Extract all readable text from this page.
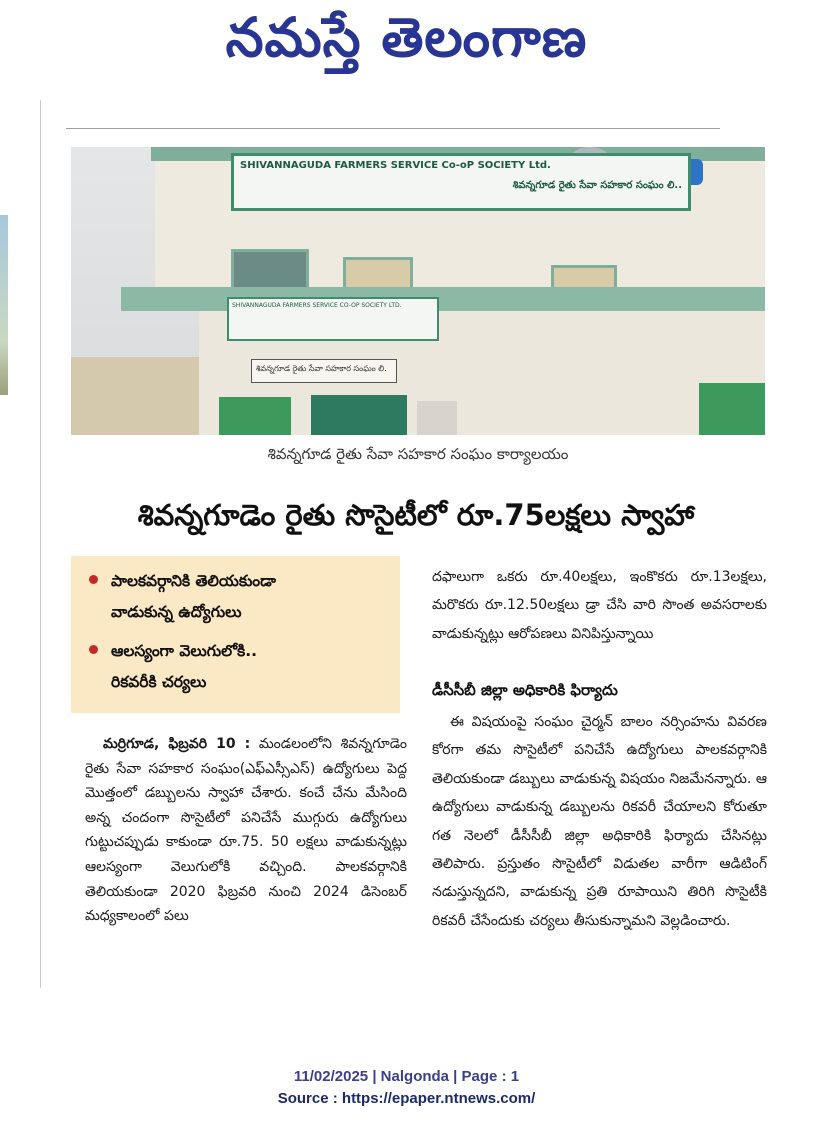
నమస్తే తెలంగాణ
SHIVANNAGUDA FARMERS SERVICE Co-oP SOCIETY Ltd.
శివన్నగూడ రైతు సేవా సహకార సంఘం లి..
SHIVANNAGUDA FARMERS SERVICE CO-OP SOCIETY LTD.
శివన్నగూడ రైతు సేవా సహకార సంఘం లి.
శివన్నగూడ రైతు సేవా సహకార సంఘం కార్యాలయం
శివన్నగూడెం రైతు సొసైటీలో రూ.75లక్షలు స్వాహా
పాలకవర్గానికి తెలియకుండా
వాడుకున్న ఉద్యోగులు
ఆలస్యంగా వెలుగులోకి..
రికవరీకి చర్యలు

మర్రిగూడ, ఫిబ్రవరి 10 : మండలంలోని శివన్నగూడెం రైతు సేవా సహకార సంఘం(ఎఫ్ఎస్సీఎస్) ఉద్యోగులు పెద్ద మొత్తంలో డబ్బులను స్వాహా చేశారు. కంచే చేను మేసింది అన్న చందంగా సొసైటీలో పనిచేసే ముగ్గురు ఉద్యోగులు గుట్టుచప్పుడు కాకుండా రూ.75. 50 లక్షలు వాడుకున్నట్లు ఆలస్యంగా వెలుగులోకి వచ్చింది. పాలకవర్గానికి తెలియకుండా 2020 ఫిబ్రవరి నుంచి 2024 డిసెంబర్ మధ్యకాలంలో పలు

దఫాలుగా ఒకరు రూ.40లక్షలు, ఇంకొకరు రూ.13లక్షలు, మరొకరు రూ.12.50లక్షలు డ్రా చేసి వారి సొంత అవసరాలకు వాడుకున్నట్లు ఆరోపణలు వినిపిస్తున్నాయి
డీసీసీబీ జిల్లా అధికారికి ఫిర్యాదు

ఈ విషయంపై సంఘం చైర్మన్ బాలం నర్సింహను వివరణ కోరగా తమ సొసైటీలో పనిచేసే ఉద్యోగులు పాలకవర్గానికి తెలియకుండా డబ్బులు వాడుకున్న విషయం నిజమేనన్నారు. ఆ ఉద్యోగులు వాడుకున్న డబ్బులను రికవరీ చేయాలని కోరుతూ గత నెలలో డీసీసీబీ జిల్లా అధికారికి ఫిర్యాదు చేసినట్లు తెలిపారు. ప్రస్తుతం సొసైటీలో విడుతల వారీగా ఆడిటింగ్ నడుస్తున్నదని, వాడుకున్న ప్రతి రూపాయిని తిరిగి సొసైటీకి రికవరీ చేసేందుకు చర్యలు తీసుకున్నామని వెల్లడించారు.

11/02/2025 | Nalgonda | Page : 1
Source : https://epaper.ntnews.com/
